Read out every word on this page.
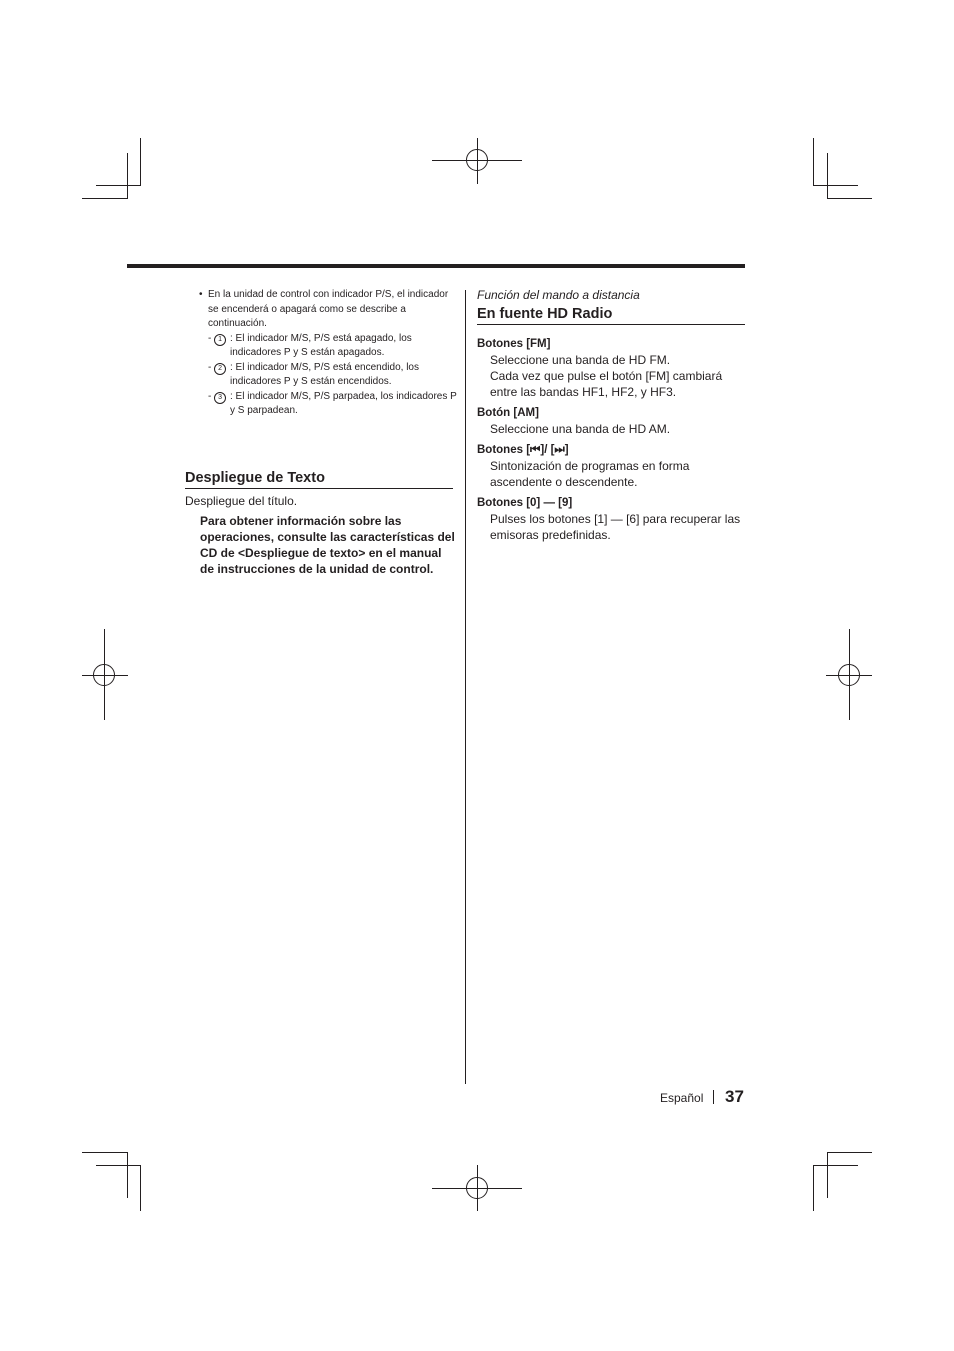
• En la unidad de control con indicador P/S, el indicador se encenderá o apagará como se describe a continuación.
- 1 : El indicador M/S, P/S está apagado, los indicadores P y S están apagados.
- 2 : El indicador M/S, P/S está encendido, los indicadores P y S están encendidos.
- 3 : El indicador M/S, P/S parpadea, los indicadores P y S parpadean.
Despliegue de Texto
Despliegue del título.
Para obtener información sobre las operaciones, consulte las características del CD de <Despliegue de texto> en el manual de instrucciones de la unidad de control.
Función del mando a distancia
En fuente HD Radio
Botones [FM]
Seleccione una banda de HD FM.
Cada vez que pulse el botón [FM] cambiará entre las bandas HF1, HF2, y HF3.
Botón [AM]
Seleccione una banda de HD AM.
Botones [⏮]/ [⏭]
Sintonización de programas en forma ascendente o descendente.
Botones [0] — [9]
Pulses los botones [1] — [6] para recuperar las emisoras predefinidas.
Español 37
